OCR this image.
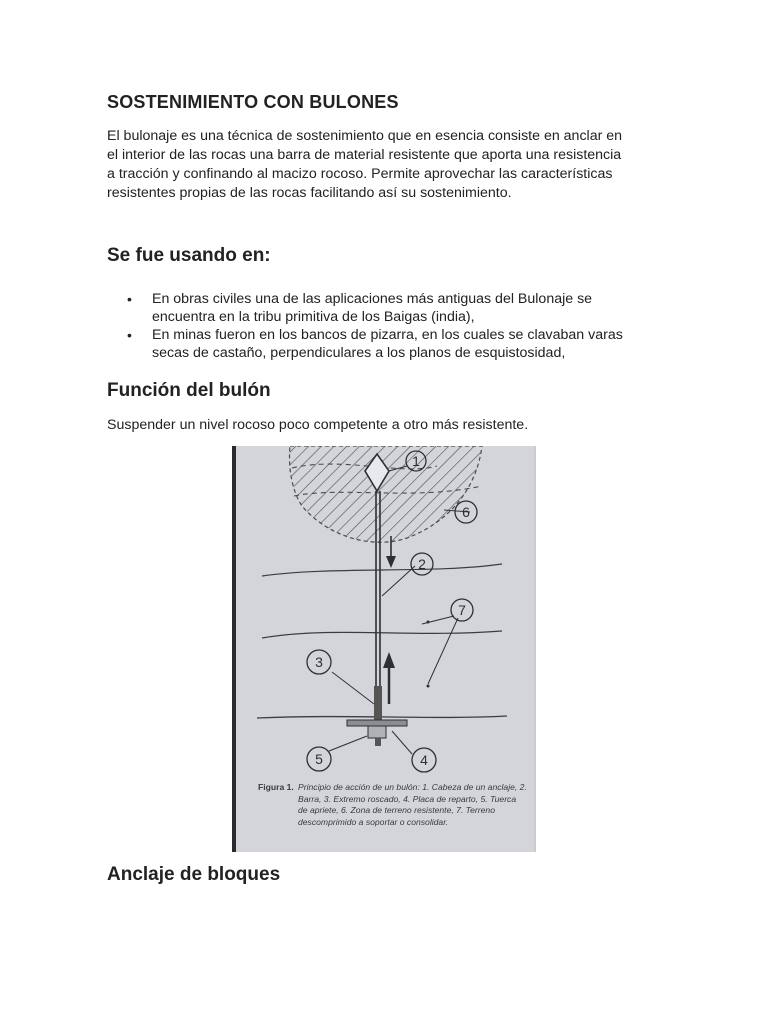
SOSTENIMIENTO CON BULONES

El bulonaje es una técnica de sostenimiento que en esencia consiste en anclar en
el interior de las rocas una barra de material resistente que aporta una resistencia
a tracción y confinando al macizo rocoso. Permite aprovechar las características
resistentes propias de las rocas facilitando así su sostenimiento.

Se fue usando en:
• En obras civiles una de las aplicaciones más antiguas del Bulonaje se
encuentra en la tribu primitiva de los Baigas (india),
• En minas fueron en los bancos de pizarra, en los cuales se clavaban varas
secas de castaño, perpendiculares a los planos de esquistosidad,
Función del bulón

Suspender un nivel rocoso poco competente a otro más resistente.

Anclaje de bloques
1
6
2
7
3
5	4
Figura 1. Principio de acción de un bulón: 1. Cabeza de un anclaje, 2. Barra, 3. Extremo roscado, 4. Placa de reparto, 5. Tuerca de apriete, 6. Zona de terreno resistente, 7. Terreno descomprimido a soportar o consolidar.
